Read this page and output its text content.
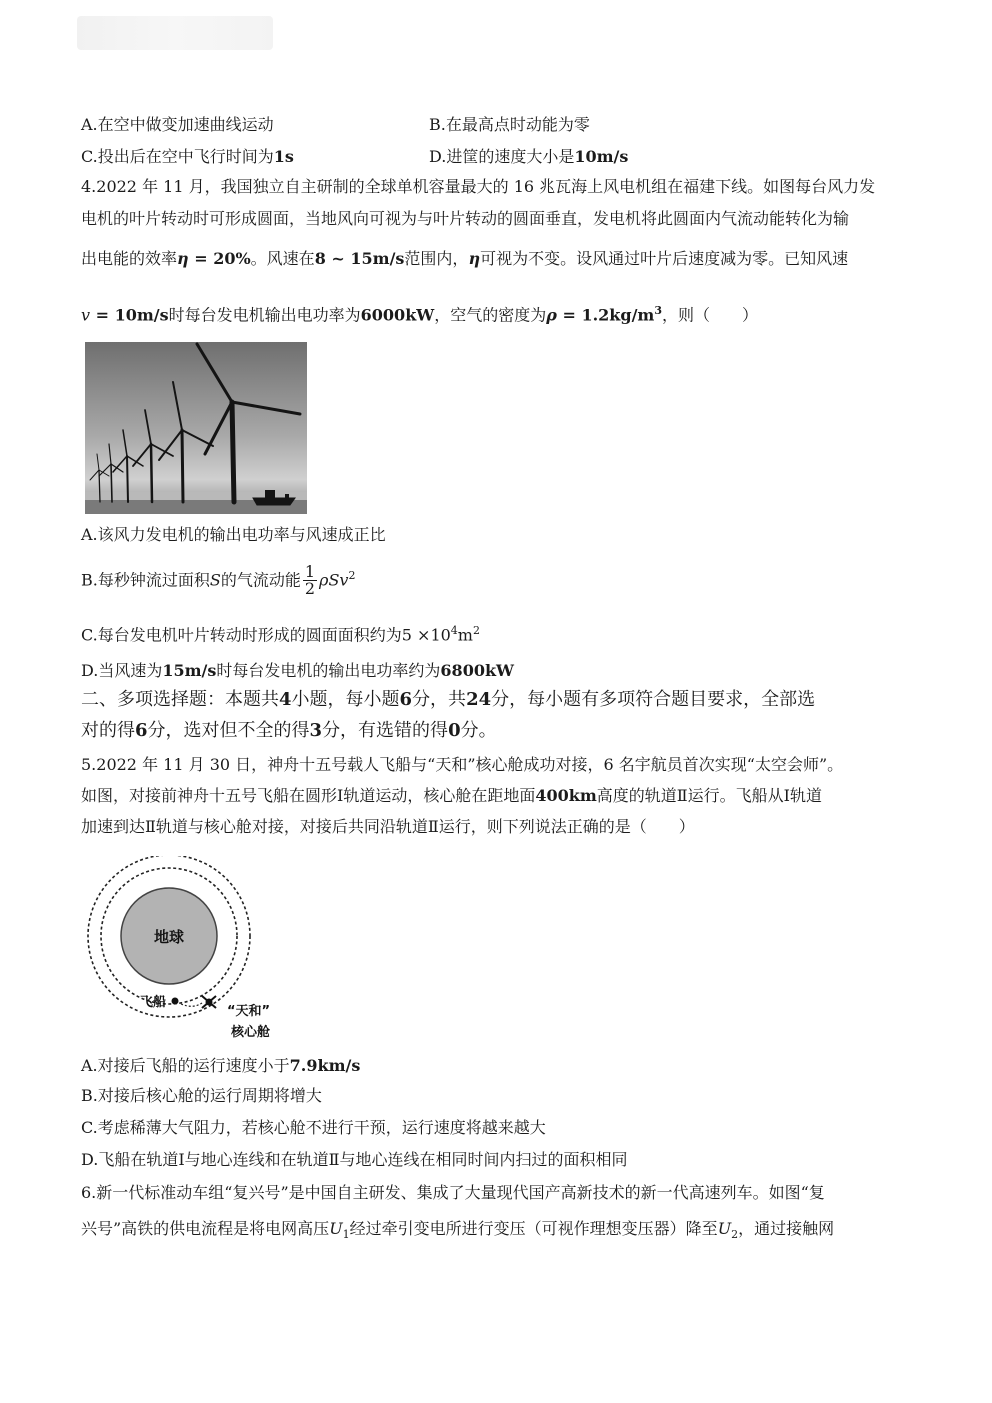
A.在空中做变加速曲线运动	B.在最高点时动能为零
C.投出后在空中飞行时间为1s	D.进筐的速度大小是10m/s
4.2022 年 11 月，我国独立自主研制的全球单机容量最大的 16 兆瓦海上风电机组在福建下线。如图每台风力发
电机的叶片转动时可形成圆面，当地风向可视为与叶片转动的圆面垂直，发电机将此圆面内气流动能转化为输
出电能的效率η = 20%。风速在8 ~ 15m/s范围内，η可视为不变。设风通过叶片后速度减为零。已知风速
v = 10m/s时每台发电机输出电功率为6000kW，空气的密度为$\rho = 1.2kg/m^3$，则（　　）
A.该风力发电机的输出电功率与风速成正比
B.每秒钟流过面积S的气流动能 $\frac{1}{2} \rho Sv^2$
C.每台发电机叶片转动时形成的圆面面积约为$5 \times 10^4m^2$
D.当风速为15m/s时每台发电机的输出电功率约为6800kW
二、多项选择题：本题共4小题，每小题6分，共24分，每小题有多项符合题目要求，全部选
对的得6分，选对但不全的得3分，有选错的得0分。
5.2022 年 11 月 30 日，神舟十五号载人飞船与“天和”核心舱成功对接，6 名宇航员首次实现“太空会师”。
如图，对接前神舟十五号飞船在圆形Ⅰ轨道运动，核心舱在距地面400km高度的轨道Ⅱ运行。飞船从Ⅰ轨道
加速到达Ⅱ轨道与核心舱对接，对接后共同沿轨道Ⅱ运行，则下列说法正确的是（　　）
地球
飞船
“天和”
核心舱
A.对接后飞船的运行速度小于7.9km/s
B.对接后核心舱的运行周期将增大
C.考虑稀薄大气阻力，若核心舱不进行干预，运行速度将越来越大
D.飞船在轨道Ⅰ与地心连线和在轨道Ⅱ与地心连线在相同时间内扫过的面积相同
6.新一代标准动车组“复兴号”是中国自主研发、集成了大量现代国产高新技术的新一代高速列车。如图“复
兴号”高铁的供电流程是将电网高压$U_1$经过牵引变电所进行变压（可视作理想变压器）降至$U_2$，通过接触网
